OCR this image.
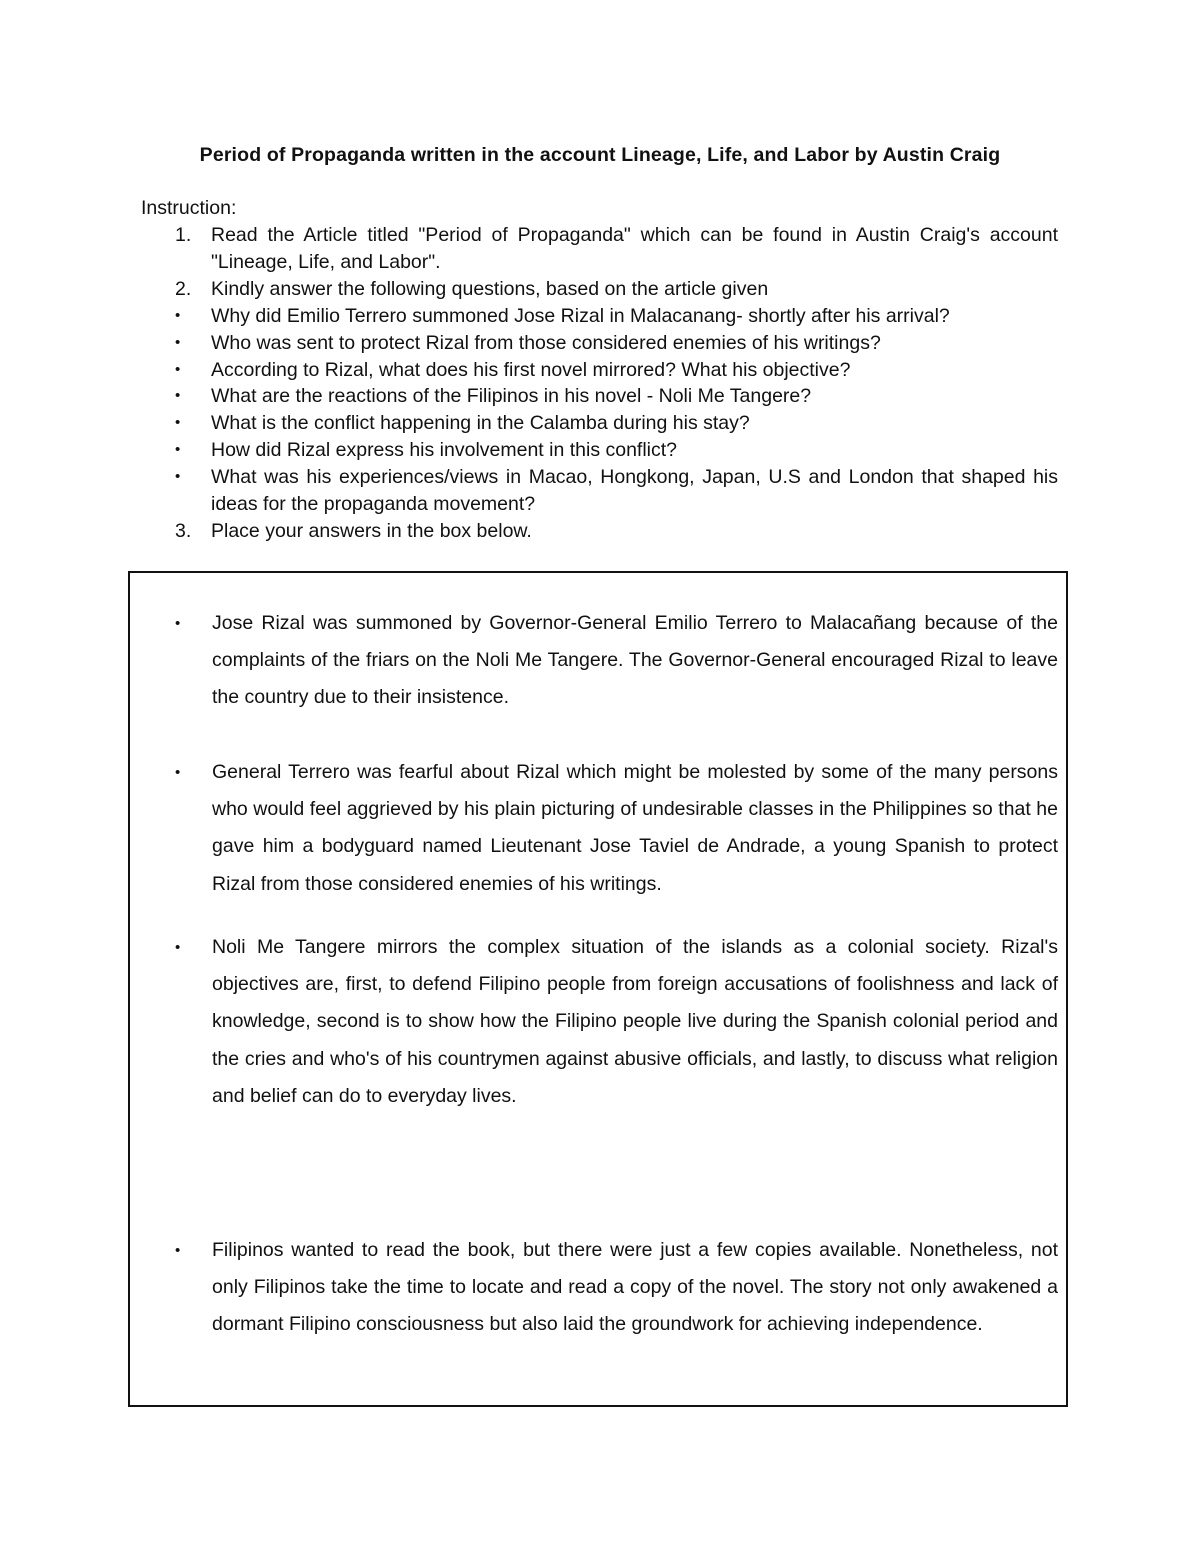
Period of Propaganda written in the account Lineage, Life, and Labor by Austin Craig
Instruction:
1.	Read the Article titled "Period of Propaganda" which can be found in Austin Craig's account "Lineage, Life, and Labor".
2.	Kindly answer the following questions, based on the article given
•	Why did Emilio Terrero summoned Jose Rizal in Malacanang- shortly after his arrival?
•	Who was sent to protect Rizal from those considered enemies of his writings?
•	According to Rizal, what does his first novel mirrored? What his objective?
•	What are the reactions of the Filipinos in his novel - Noli Me Tangere?
•	What is the conflict happening in the Calamba during his stay?
•	How did Rizal express his involvement in this conflict?
•	What was his experiences/views in Macao, Hongkong, Japan, U.S and London that shaped his ideas for the propaganda movement?
3.	Place your answers in the box below.
• Jose Rizal was summoned by Governor-General Emilio Terrero to Malacañang because of the complaints of the friars on the Noli Me Tangere. The Governor-General encouraged Rizal to leave the country due to their insistence.
• General Terrero was fearful about Rizal which might be molested by some of the many persons who would feel aggrieved by his plain picturing of undesirable classes in the Philippines so that he gave him a bodyguard named Lieutenant Jose Taviel de Andrade, a young Spanish to protect Rizal from those considered enemies of his writings.
• Noli Me Tangere mirrors the complex situation of the islands as a colonial society. Rizal's objectives are, first, to defend Filipino people from foreign accusations of foolishness and lack of knowledge, second is to show how the Filipino people live during the Spanish colonial period and the cries and who's of his countrymen against abusive officials, and lastly, to discuss what religion and belief can do to everyday lives.
• Filipinos wanted to read the book, but there were just a few copies available. Nonetheless, not only Filipinos take the time to locate and read a copy of the novel. The story not only awakened a dormant Filipino consciousness but also laid the groundwork for achieving independence.
